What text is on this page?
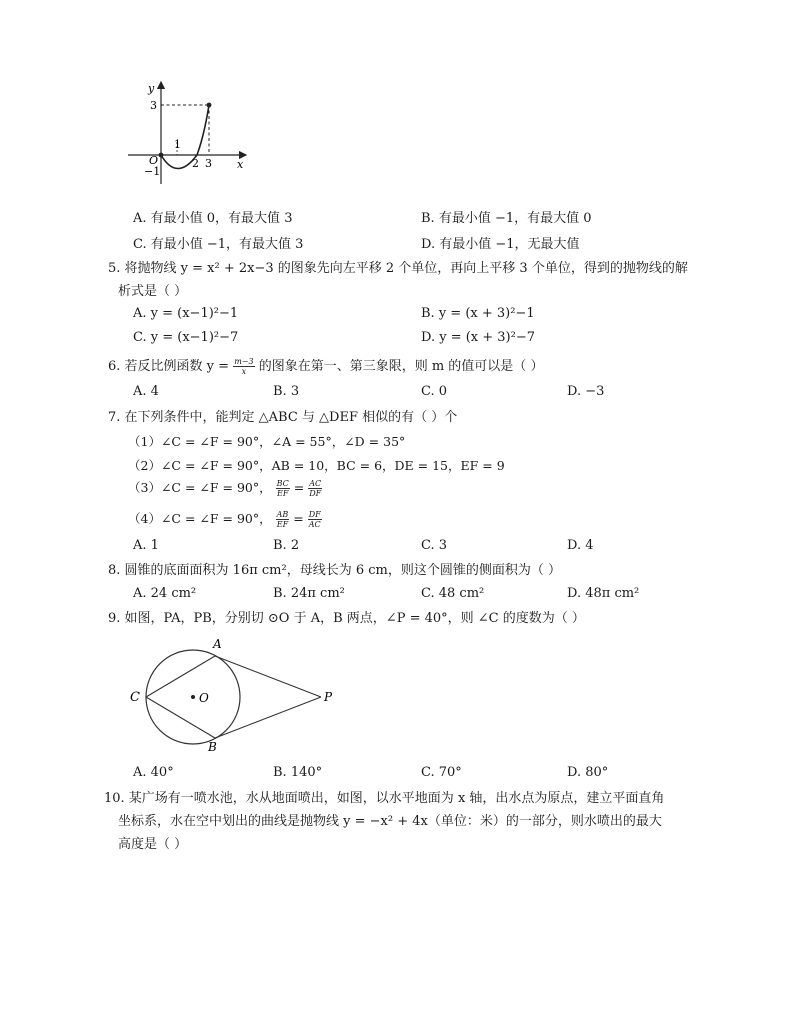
y
x
O
3
1
2 3
−1
A. 有最小值 0，有最大值 3	B. 有最小值 −1，有最大值 0
C. 有最小值 −1，有最大值 3	D. 有最小值 −1，无最大值
5. 将抛物线 y = x² + 2x−3 的图象先向左平移 2 个单位，再向上平移 3 个单位，得到的抛物线的解
析式是（ ）
A. y = (x−1)²−1	B. y = (x + 3)²−1
C. y = (x−1)²−7	D. y = (x + 3)²−7
6. 若反比例函数 $y = \frac{m-3}{x}$ 的图象在第一、第三象限，则 m 的值可以是（ ）
A. 4	B. 3	C. 0	D. −3
7. 在下列条件中，能判定 △ABC 与 △DEF 相似的有（ ）个
（1）∠C = ∠F = 90°，∠A = 55°，∠D = 35°
（2）∠C = ∠F = 90°，AB = 10，BC = 6，DE = 15，EF = 9
（3）∠C = ∠F = 90°， $\frac{BC}{EF} = \frac{AC}{DF}$
（4）∠C = ∠F = 90°， $\frac{AB}{EF} = \frac{DF}{AC}$
A. 1	B. 2	C. 3	D. 4
8. 圆锥的底面面积为 16π cm²，母线长为 6 cm，则这个圆锥的侧面积为（ ）
A. 24 cm²	B. 24π cm²	C. 48 cm²	D. 48π cm²
9. 如图，PA，PB，分别切 ⊙O 于 A，B 两点，∠P = 40°，则 ∠C 的度数为（ ）
A
B
C	O	P
A. 40°	B. 140°	C. 70°	D. 80°
10. 某广场有一喷水池，水从地面喷出，如图，以水平地面为 x 轴，出水点为原点，建立平面直角
坐标系，水在空中划出的曲线是抛物线 y = −x² + 4x（单位：米）的一部分，则水喷出的最大
高度是（ ）
